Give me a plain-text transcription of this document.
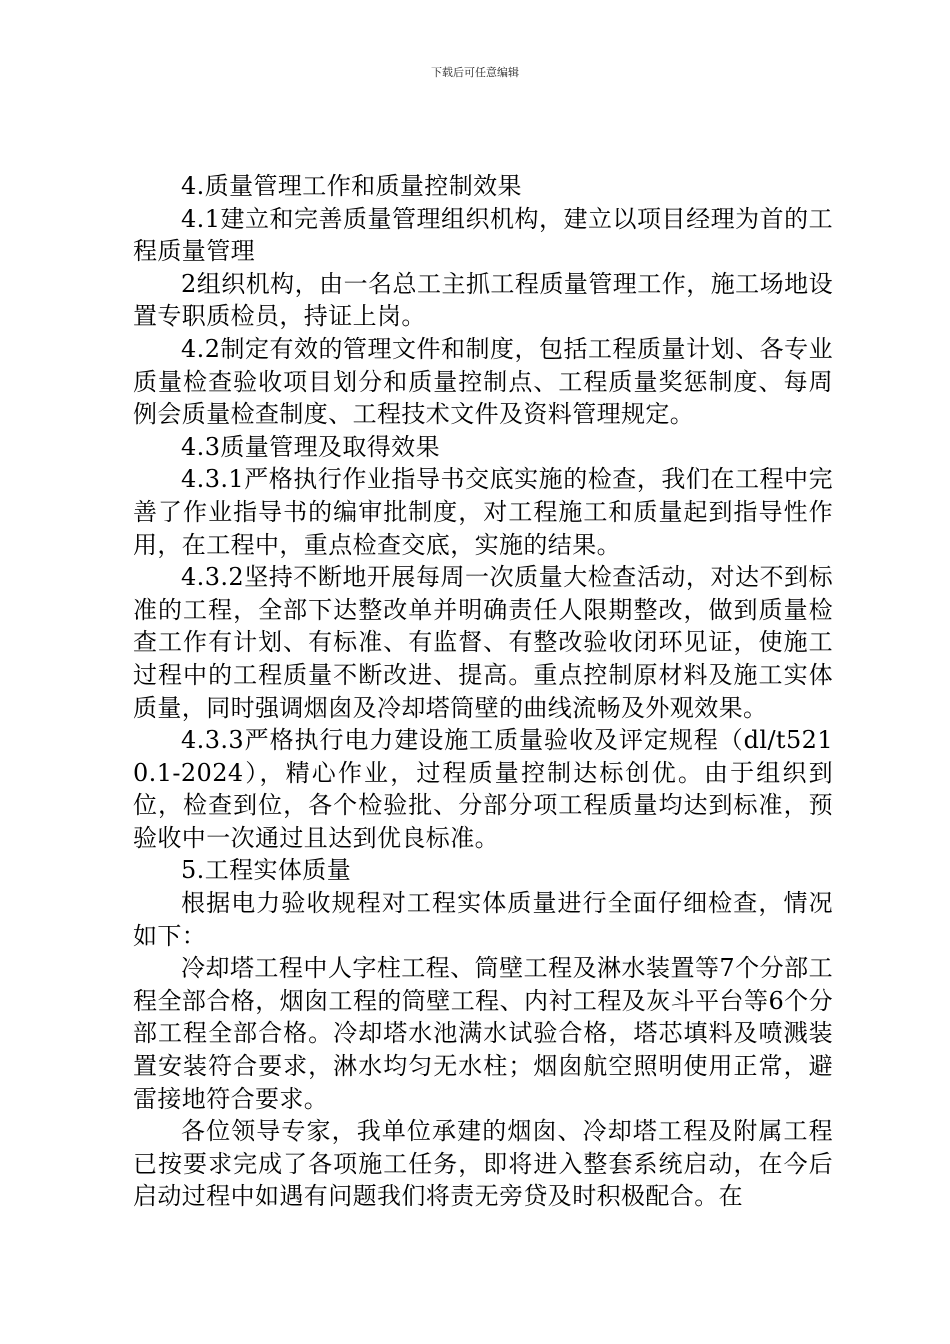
下载后可任意编辑

4.质量管理工作和质量控制效果

4.1建立和完善质量管理组织机构，建立以项目经理为首的工程质量管理

2组织机构，由一名总工主抓工程质量管理工作，施工场地设置专职质检员，持证上岗。

4.2制定有效的管理文件和制度，包括工程质量计划、各专业质量检查验收项目划分和质量控制点、工程质量奖惩制度、每周例会质量检查制度、工程技术文件及资料管理规定。

4.3质量管理及取得效果

4.3.1严格执行作业指导书交底实施的检查，我们在工程中完善了作业指导书的编审批制度，对工程施工和质量起到指导性作用，在工程中，重点检查交底，实施的结果。

4.3.2坚持不断地开展每周一次质量大检查活动，对达不到标准的工程，全部下达整改单并明确责任人限期整改，做到质量检查工作有计划、有标准、有监督、有整改验收闭环见证，使施工过程中的工程质量不断改进、提高。重点控制原材料及施工实体质量，同时强调烟囱及冷却塔筒壁的曲线流畅及外观效果。

4.3.3严格执行电力建设施工质量验收及评定规程（dl/t5210.1-2024），精心作业，过程质量控制达标创优。由于组织到位，检查到位，各个检验批、分部分项工程质量均达到标准，预验收中一次通过且达到优良标准。

5.工程实体质量

根据电力验收规程对工程实体质量进行全面仔细检查，情况如下：

冷却塔工程中人字柱工程、筒壁工程及淋水装置等7个分部工程全部合格，烟囱工程的筒壁工程、内衬工程及灰斗平台等6个分部工程全部合格。冷却塔水池满水试验合格，塔芯填料及喷溅装置安装符合要求，淋水均匀无水柱；烟囱航空照明使用正常，避雷接地符合要求。

各位领导专家，我单位承建的烟囱、冷却塔工程及附属工程已按要求完成了各项施工任务，即将进入整套系统启动，在今后启动过程中如遇有问题我们将责无旁贷及时积极配合。在
